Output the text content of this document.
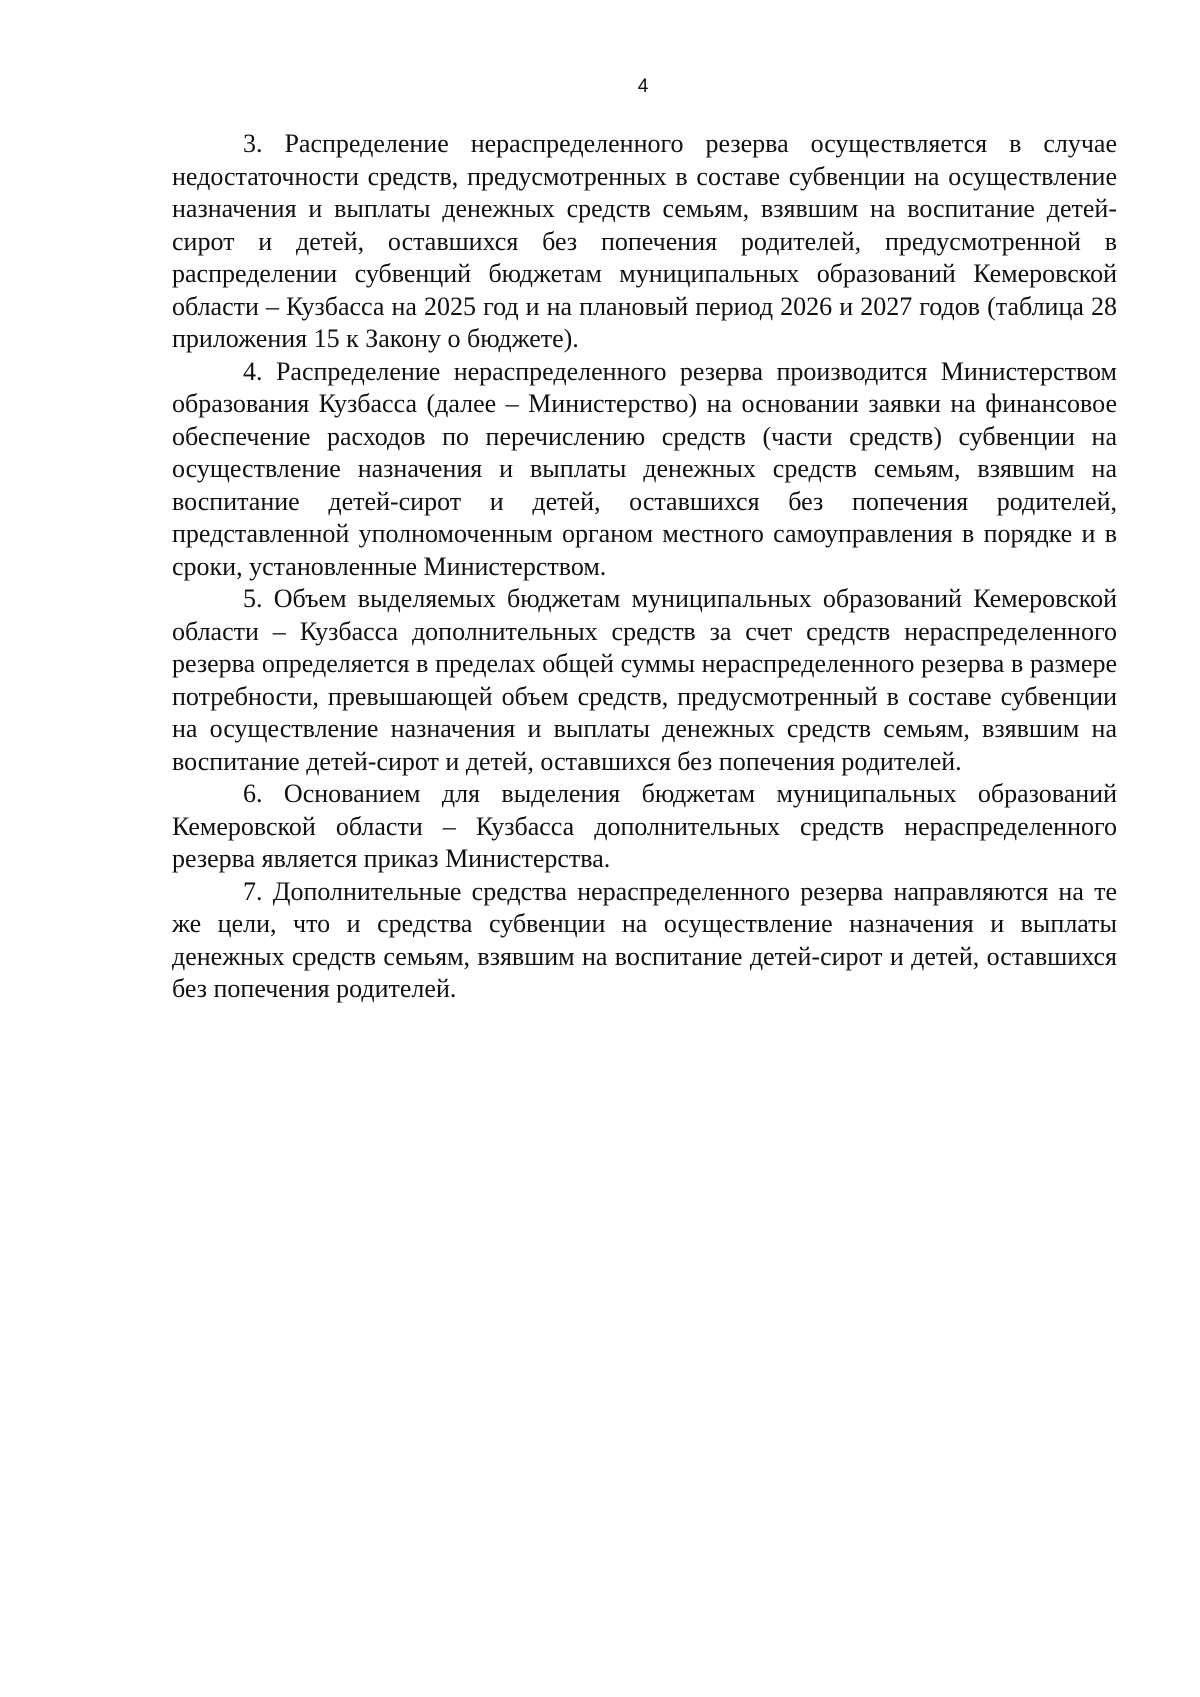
4

3. Распределение нераспределенного резерва осуществляется в случае недостаточности средств, предусмотренных в составе субвенции на осуществление назначения и выплаты денежных средств семьям, взявшим на воспитание детей-сирот и детей, оставшихся без попечения родителей, предусмотренной в распределении субвенций бюджетам муниципальных образований Кемеровской области – Кузбасса на 2025 год и на плановый период 2026 и 2027 годов (таблица 28 приложения 15 к Закону о бюджете).

4. Распределение нераспределенного резерва производится Министерством образования Кузбасса (далее – Министерство) на основании заявки на финансовое обеспечение расходов по перечислению средств (части средств) субвенции на осуществление назначения и выплаты денежных средств семьям, взявшим на воспитание детей-сирот и детей, оставшихся без попечения родителей, представленной уполномоченным органом местного самоуправления в порядке и в сроки, установленные Министерством.

5. Объем выделяемых бюджетам муниципальных образований Кемеровской области – Кузбасса дополнительных средств за счет средств нераспределенного резерва определяется в пределах общей суммы нераспределенного резерва в размере потребности, превышающей объем средств, предусмотренный в составе субвенции на осуществление назначения и выплаты денежных средств семьям, взявшим на воспитание детей-сирот и детей, оставшихся без попечения родителей.

6. Основанием для выделения бюджетам муниципальных образований Кемеровской области – Кузбасса дополнительных средств нераспределенного резерва является приказ Министерства.

7. Дополнительные средства нераспределенного резерва направляются на те же цели, что и средства субвенции на осуществление назначения и выплаты денежных средств семьям, взявшим на воспитание детей-сирот и детей, оставшихся без попечения родителей.
